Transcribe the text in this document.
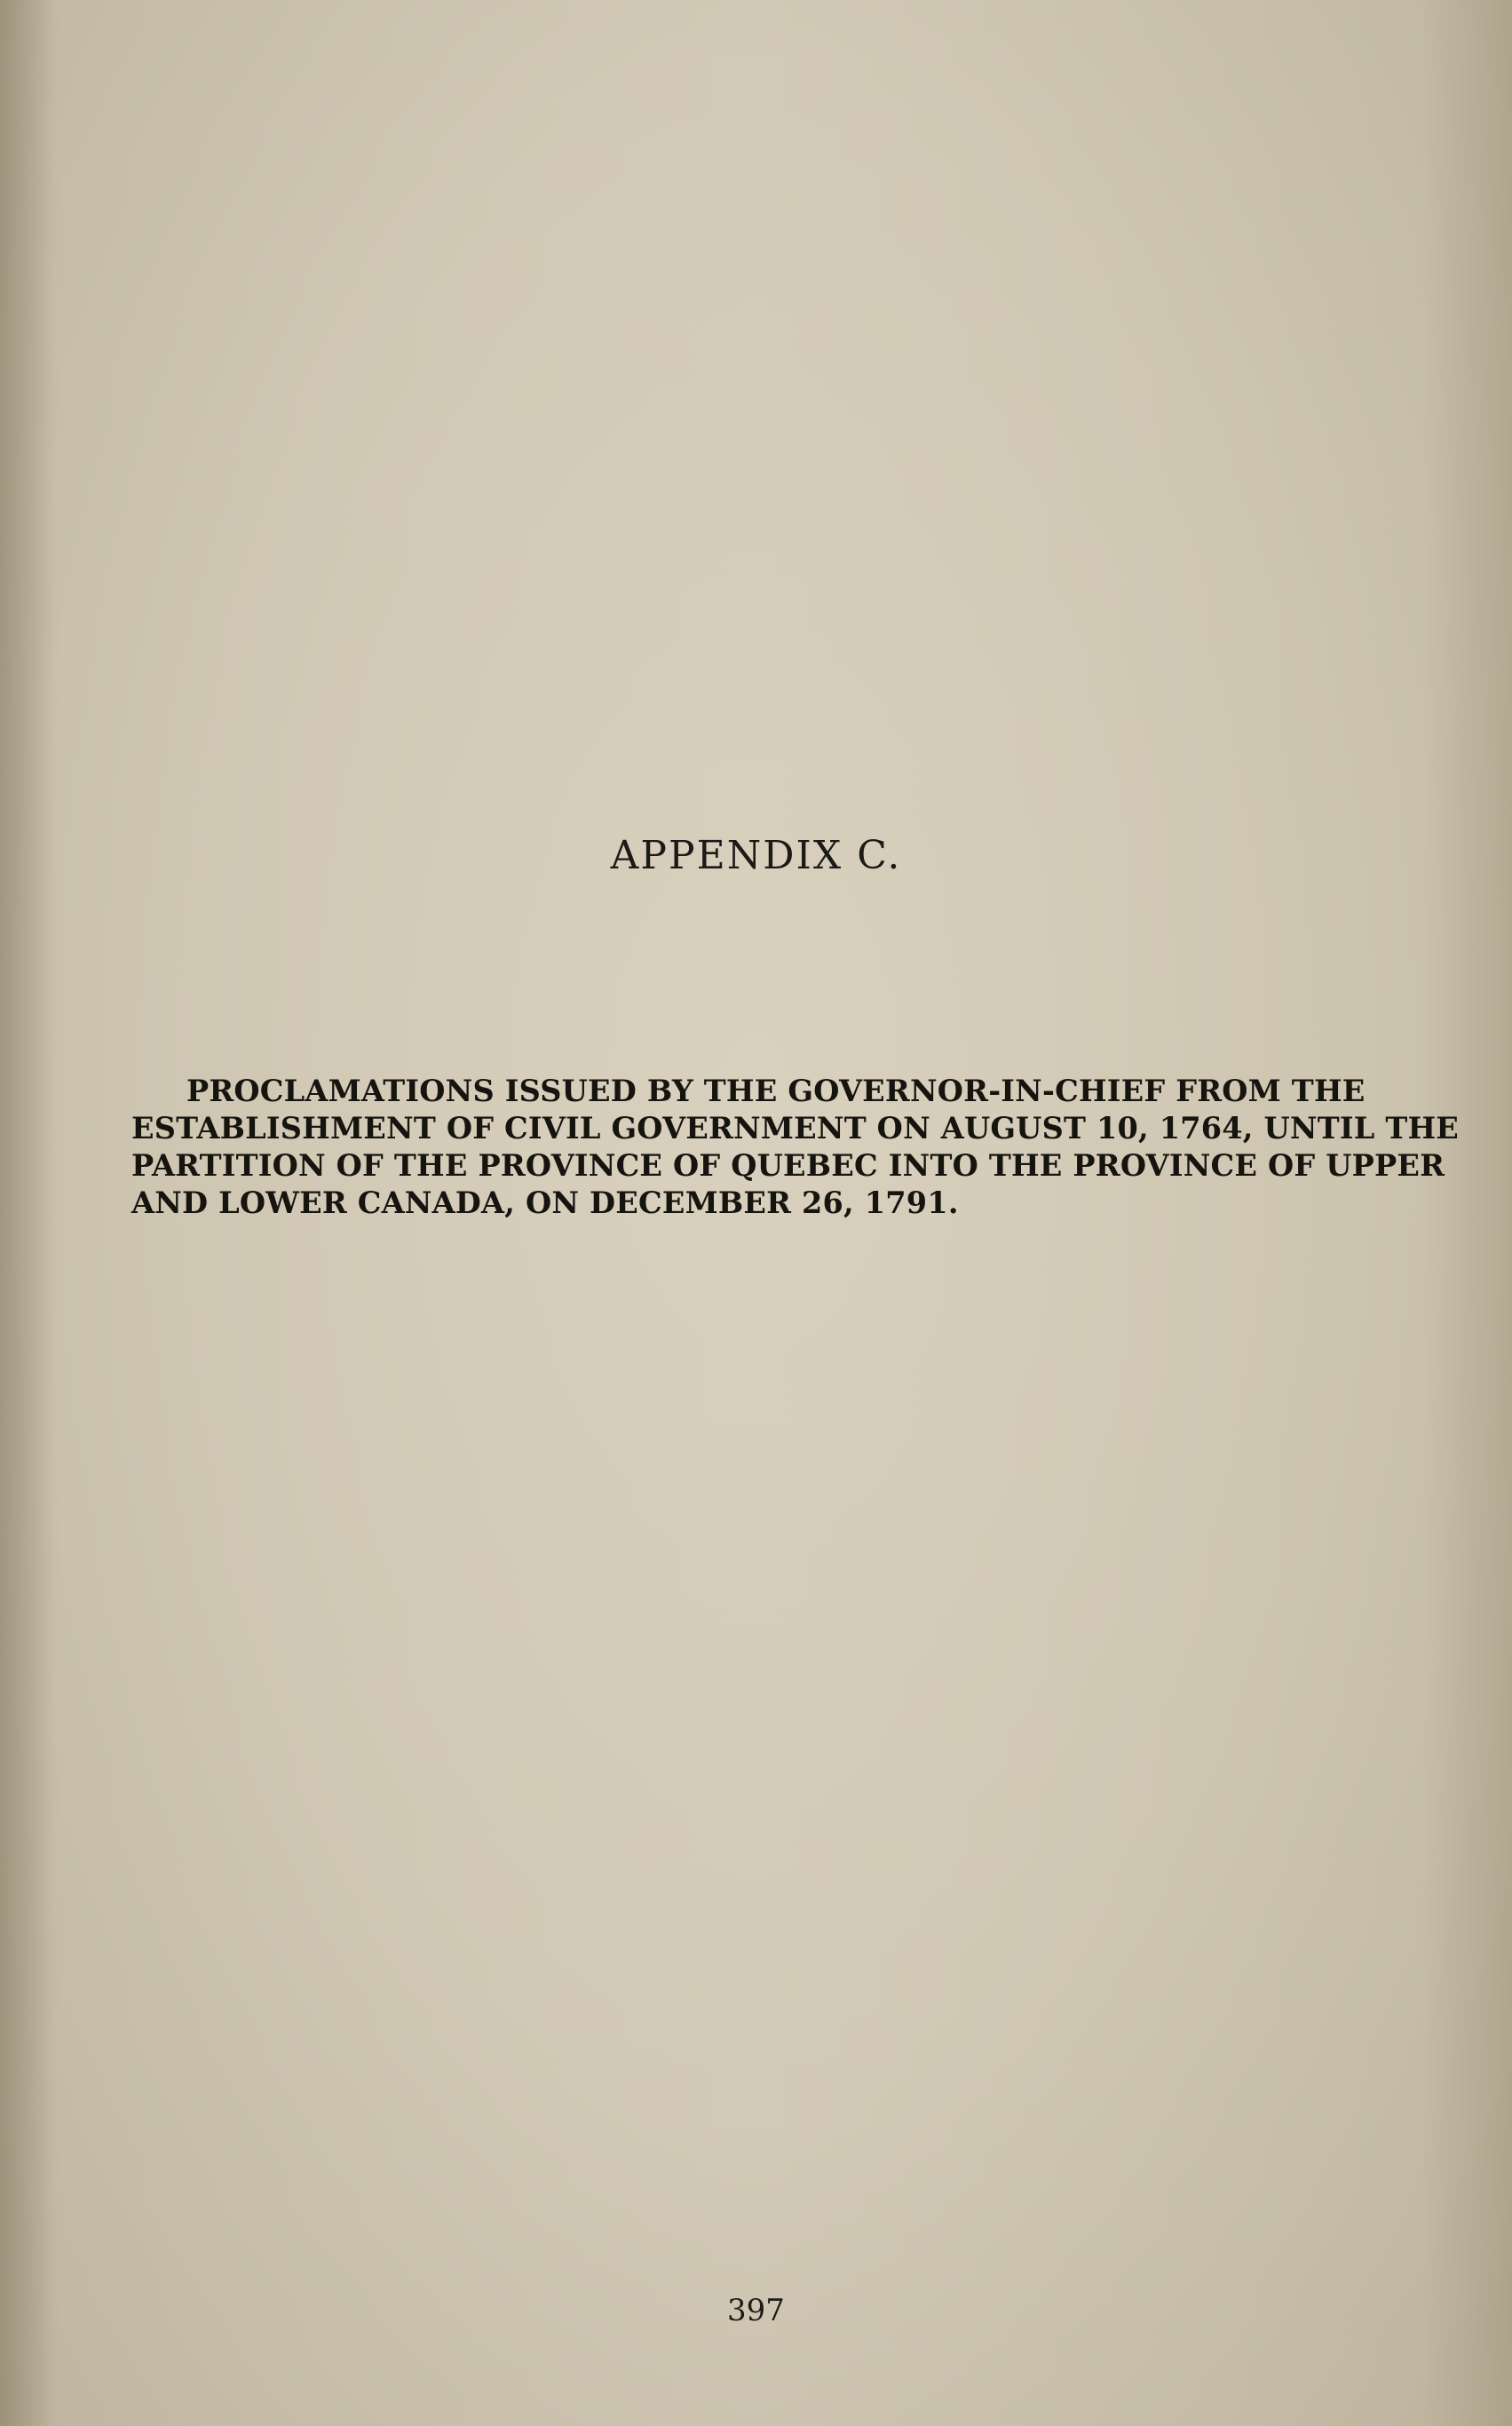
APPENDIX C.
PROCLAMATIONS ISSUED BY THE GOVERNOR-IN-CHIEF FROM THE
ESTABLISHMENT OF CIVIL GOVERNMENT ON AUGUST 10, 1764, UNTIL THE
PARTITION OF THE PROVINCE OF QUEBEC INTO THE PROVINCE OF UPPER
AND LOWER CANADA, ON DECEMBER 26, 1791.
397
